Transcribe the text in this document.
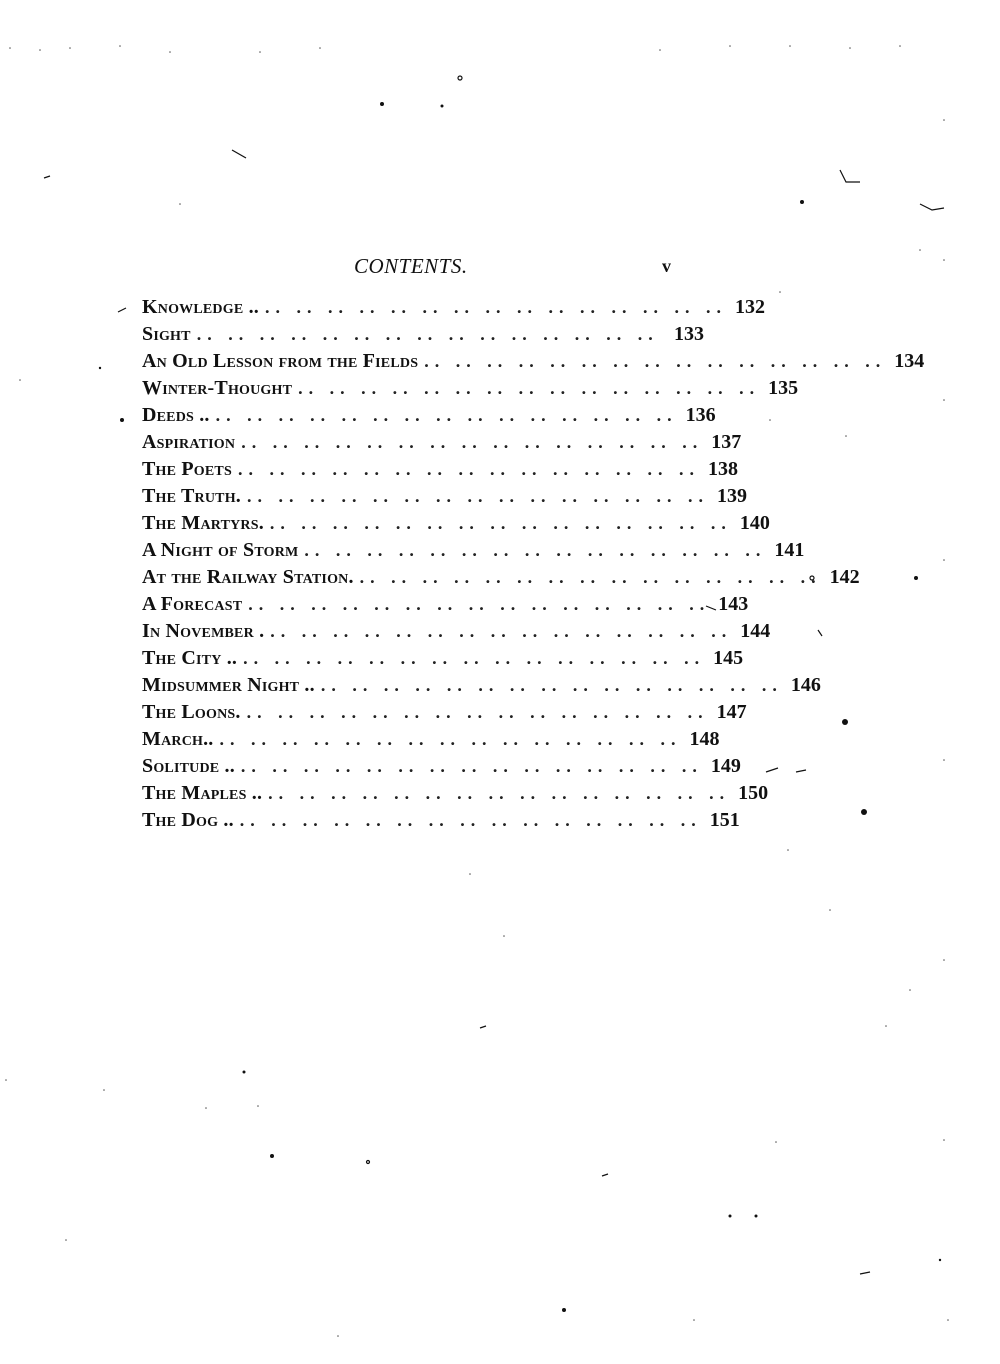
CONTENTS.	v
Knowledge .. .. .. .. .. .. .. .. .. .. .. .. .. .. .. .. 132
Sight .. .. .. .. .. .. .. .. .. .. .. .. .. .. .. 133
An Old Lesson from the Fields .. .. .. .. .. .. .. .. .. .. .. .. .. .. .. 134
Winter-Thought .. .. .. .. .. .. .. .. .. .. .. .. .. .. .. 135
Deeds .. .. .. .. .. .. .. .. .. .. .. .. .. .. .. .. 136
Aspiration .. .. .. .. .. .. .. .. .. .. .. .. .. .. .. 137
The Poets .. .. .. .. .. .. .. .. .. .. .. .. .. .. .. 138
The Truth. .. .. .. .. .. .. .. .. .. .. .. .. .. .. .. 139
The Martyrs. .. .. .. .. .. .. .. .. .. .. .. .. .. .. .. 140
A Night of Storm .. .. .. .. .. .. .. .. .. .. .. .. .. .. .. 141
At the Railway Station. .. .. .. .. .. .. .. .. .. .. .. .. .. .. .. 142
A Forecast .. .. .. .. .. .. .. .. .. .. .. .. .. .. .. 143
In November . .. .. .. .. .. .. .. .. .. .. .. .. .. .. .. 144
The City .. .. .. .. .. .. .. .. .. .. .. .. .. .. .. .. 145
Midsummer Night .. .. .. .. .. .. .. .. .. .. .. .. .. .. .. .. 146
The Loons. .. .. .. .. .. .. .. .. .. .. .. .. .. .. .. 147
March.. .. .. .. .. .. .. .. .. .. .. .. .. .. .. .. 148
Solitude .. .. .. .. .. .. .. .. .. .. .. .. .. .. .. .. 149
The Maples .. .. .. .. .. .. .. .. .. .. .. .. .. .. .. .. 150
The Dog .. .. .. .. .. .. .. .. .. .. .. .. .. .. .. .. 151
